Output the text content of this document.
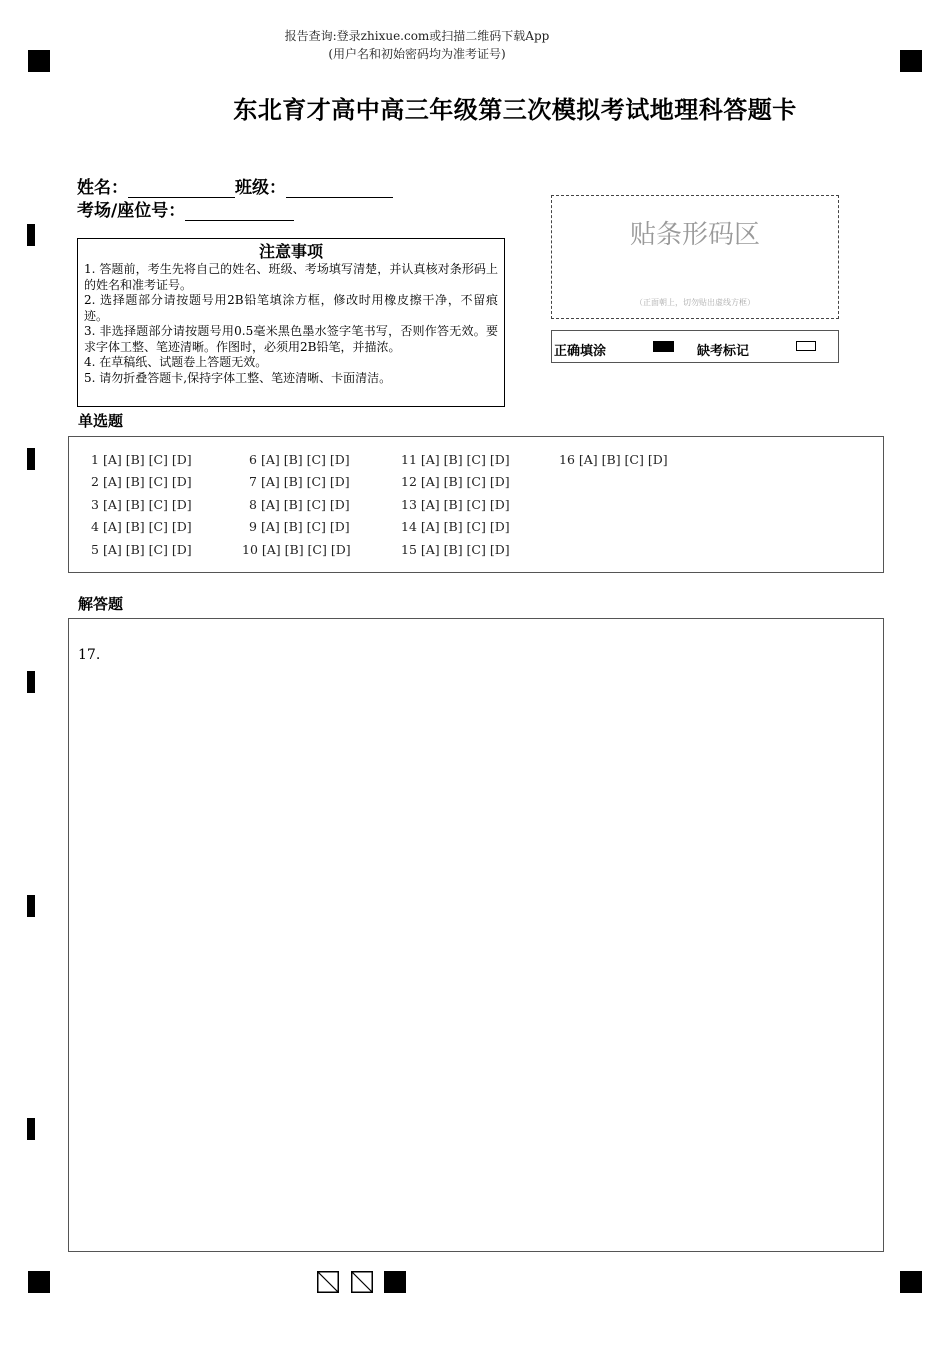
报告查询:登录zhixue.com或扫描二维码下载App
(用户名和初始密码均为准考证号)
东北育才高中高三年级第三次模拟考试地理科答题卡
姓名：	班级：
考场/座位号：
注意事项
1. 答题前，考生先将自己的姓名、班级、考场填写清楚，并认真核对条形码上的姓名和准考证号。
2. 选择题部分请按题号用2B铅笔填涂方框，修改时用橡皮擦干净，不留痕迹。
3. 非选择题部分请按题号用0.5毫米黑色墨水签字笔书写，否则作答无效。要求字体工整、笔迹清晰。作图时，必须用2B铅笔，并描浓。
4. 在草稿纸、试题卷上答题无效。
5. 请勿折叠答题卡,保持字体工整、笔迹清晰、卡面清洁。
贴条形码区
（正面朝上，切勿贴出虚线方框）
正确填涂	缺考标记
单选题
1 [A] [B] [C] [D]
2 [A] [B] [C] [D]
3 [A] [B] [C] [D]
4 [A] [B] [C] [D]
5 [A] [B] [C] [D]
6 [A] [B] [C] [D]
7 [A] [B] [C] [D]
8 [A] [B] [C] [D]
9 [A] [B] [C] [D]
10 [A] [B] [C] [D]
11 [A] [B] [C] [D]
12 [A] [B] [C] [D]
13 [A] [B] [C] [D]
14 [A] [B] [C] [D]
15 [A] [B] [C] [D]
16 [A] [B] [C] [D]
解答题
17.
